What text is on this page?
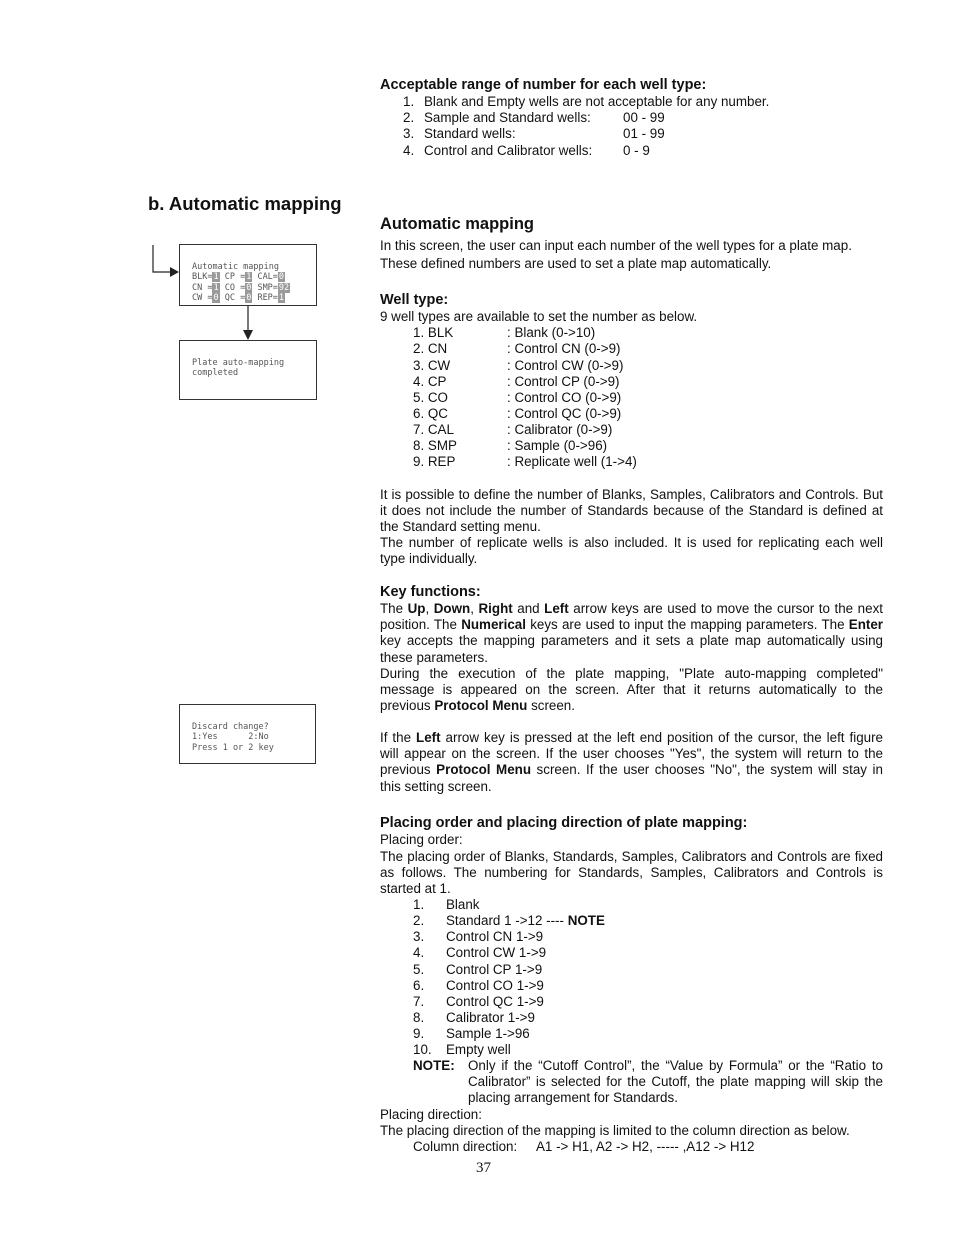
Acceptable range of number for each well type:
1. Blank and Empty wells are not acceptable for any number.
2. Sample and Standard wells: 00 - 99
3. Standard wells:	01 - 99
4. Control and Calibrator wells: 0 - 9
b. Automatic mapping

Automatic mapping
BLK=1 CP =1 CAL=0
CN =1 CO =0 SMP=92
CW =0 QC =0 REP=1

Plate auto-mapping
completed

Discard change?
1:Yes      2:No
Press 1 or 2 key

Automatic mapping
In this screen, the user can input each number of the well types for a plate map.
These defined numbers are used to set a plate map automatically.
Well type:
9 well types are available to set the number as below.
1. BLK	: Blank (0->10)
2. CN	: Control CN (0->9)
3. CW	: Control CW (0->9)
4. CP	: Control CP (0->9)
5. CO	: Control CO (0->9)
6. QC	: Control QC (0->9)
7. CAL	: Calibrator (0->9)
8. SMP	: Sample (0->96)
9. REP	: Replicate well (1->4)
It is possible to define the number of Blanks, Samples, Calibrators and Controls. But it does not include the number of Standards because of the Standard is defined at the Standard setting menu.
The number of replicate wells is also included. It is used for replicating each well type individually.
Key functions:
The Up, Down, Right and Left arrow keys are used to move the cursor to the next position. The Numerical keys are used to input the mapping parameters. The Enter key accepts the mapping parameters and it sets a plate map automatically using these parameters.
During the execution of the plate mapping, "Plate auto-mapping completed" message is appeared on the screen. After that it returns automatically to the previous Protocol Menu screen.
If the Left arrow key is pressed at the left end position of the cursor, the left figure will appear on the screen. If the user chooses "Yes", the system will return to the previous Protocol Menu screen. If the user chooses "No", the system will stay in this setting screen.
Placing order and placing direction of plate mapping:
Placing order:
The placing order of Blanks, Standards, Samples, Calibrators and Controls are fixed as follows. The numbering for Standards, Samples, Calibrators and Controls is started at 1.
1. Blank
2. Standard 1 ->12 ---- NOTE
3. Control CN 1->9
4. Control CW 1->9
5. Control CP 1->9
6. Control CO 1->9
7. Control QC 1->9
8. Calibrator 1->9
9. Sample 1->96
10. Empty well
NOTE: Only if the “Cutoff Control”, the “Value by Formula” or the “Ratio to Calibrator” is selected for the Cutoff, the plate mapping will skip the placing arrangement for Standards.
Placing direction:
The placing direction of the mapping is limited to the column direction as below.
Column direction: A1 -> H1, A2 -> H2, ----- ,A12 -> H12
37
